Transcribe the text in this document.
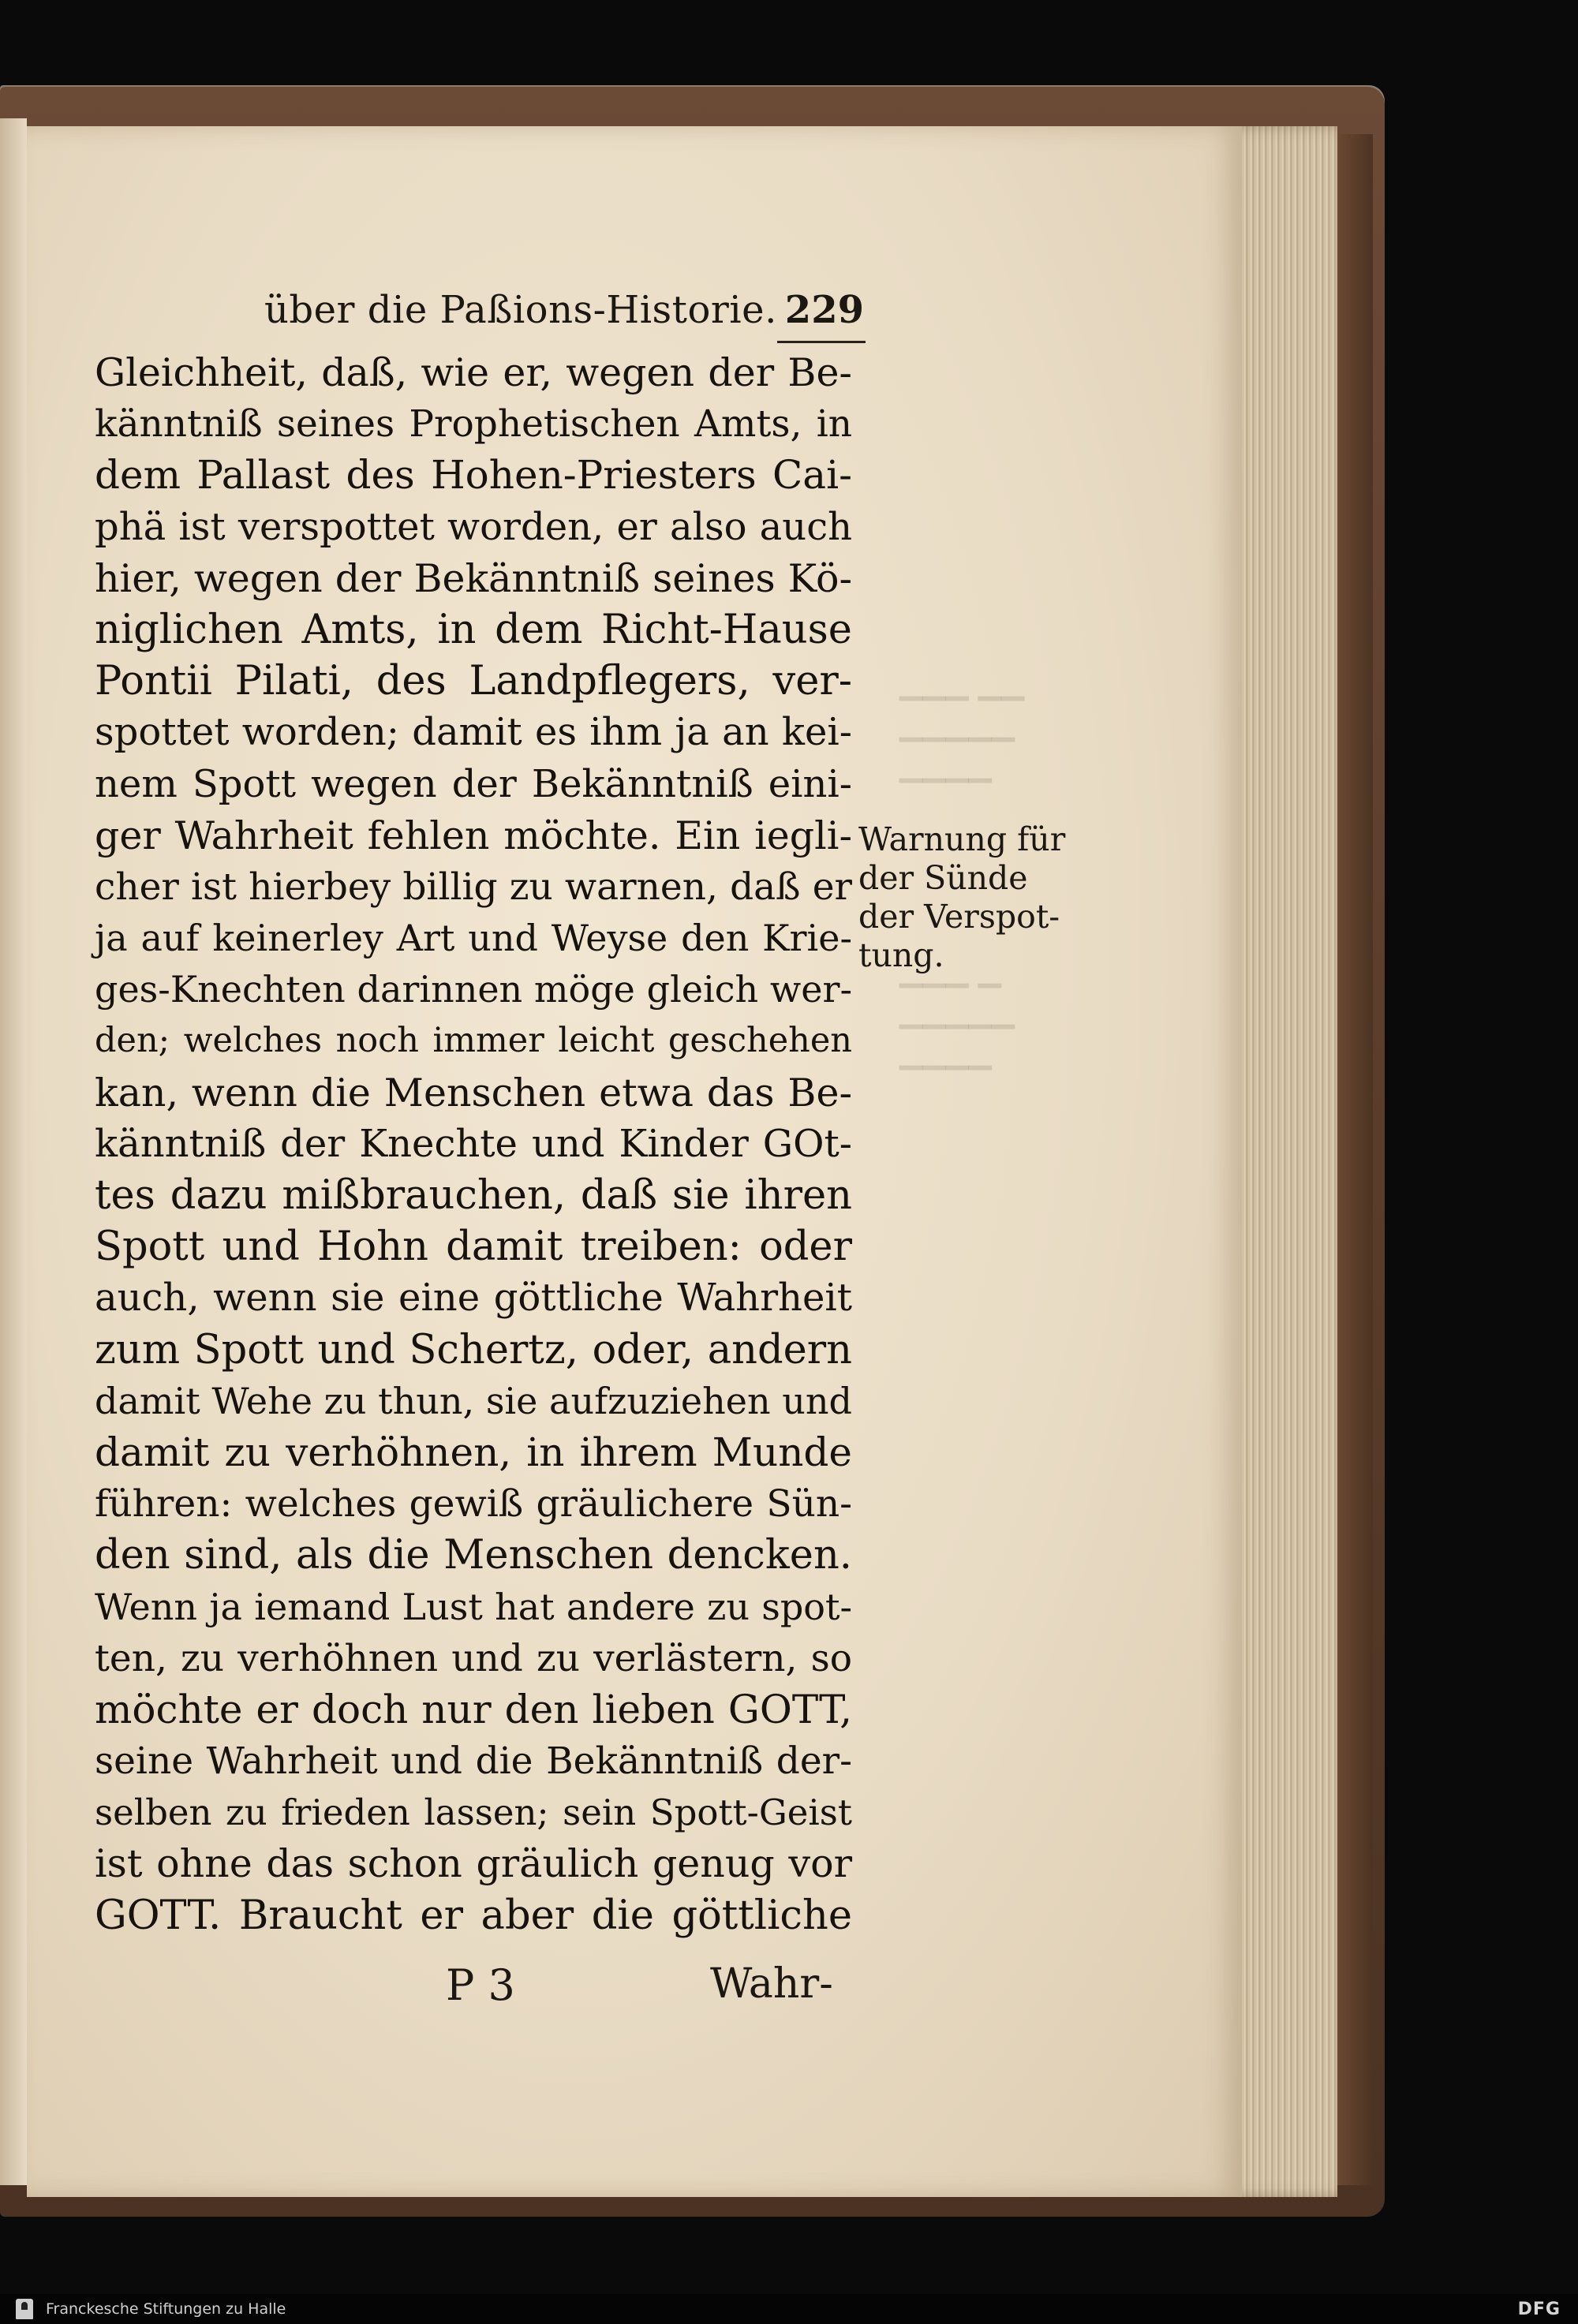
▁▁▁ ▁▁
▁▁▁▁▁
▁▁▁▁

▁▁▁ ▁
▁▁▁▁▁
▁▁▁▁
über die Paßions-Historie. 229
Gleichheit, daß, wie er, wegen der Be-
känntniß seines Prophetischen Amts, in
dem Pallast des Hohen-Priesters Cai-
phä ist verspottet worden, er also auch
hier, wegen der Bekänntniß seines Kö-
niglichen Amts, in dem Richt-Hause
Pontii Pilati, des Landpflegers, ver-
spottet worden; damit es ihm ja an kei-
nem Spott wegen der Bekänntniß eini-
ger Wahrheit fehlen möchte. Ein iegli-
cher ist hierbey billig zu warnen, daß er
ja auf keinerley Art und Weyse den Krie-
ges-Knechten darinnen möge gleich wer-
den; welches noch immer leicht geschehen
kan, wenn die Menschen etwa das Be-
känntniß der Knechte und Kinder GOt-
tes dazu mißbrauchen, daß sie ihren
Spott und Hohn damit treiben: oder
auch, wenn sie eine göttliche Wahrheit
zum Spott und Schertz, oder, andern
damit Wehe zu thun, sie aufzuziehen und
damit zu verhöhnen, in ihrem Munde
führen: welches gewiß gräulichere Sün-
den sind, als die Menschen dencken.
Wenn ja iemand Lust hat andere zu spot-
ten, zu verhöhnen und zu verlästern, so
möchte er doch nur den lieben GOTT,
seine Wahrheit und die Bekänntniß der-
selben zu frieden lassen; sein Spott-Geist
ist ohne das schon gräulich genug vor
GOTT. Braucht er aber die göttliche
Warnung für
der Sünde
der Verspot-
tung.
P 3	Wahr-
Franckesche Stiftungen zu Halle	DFG
